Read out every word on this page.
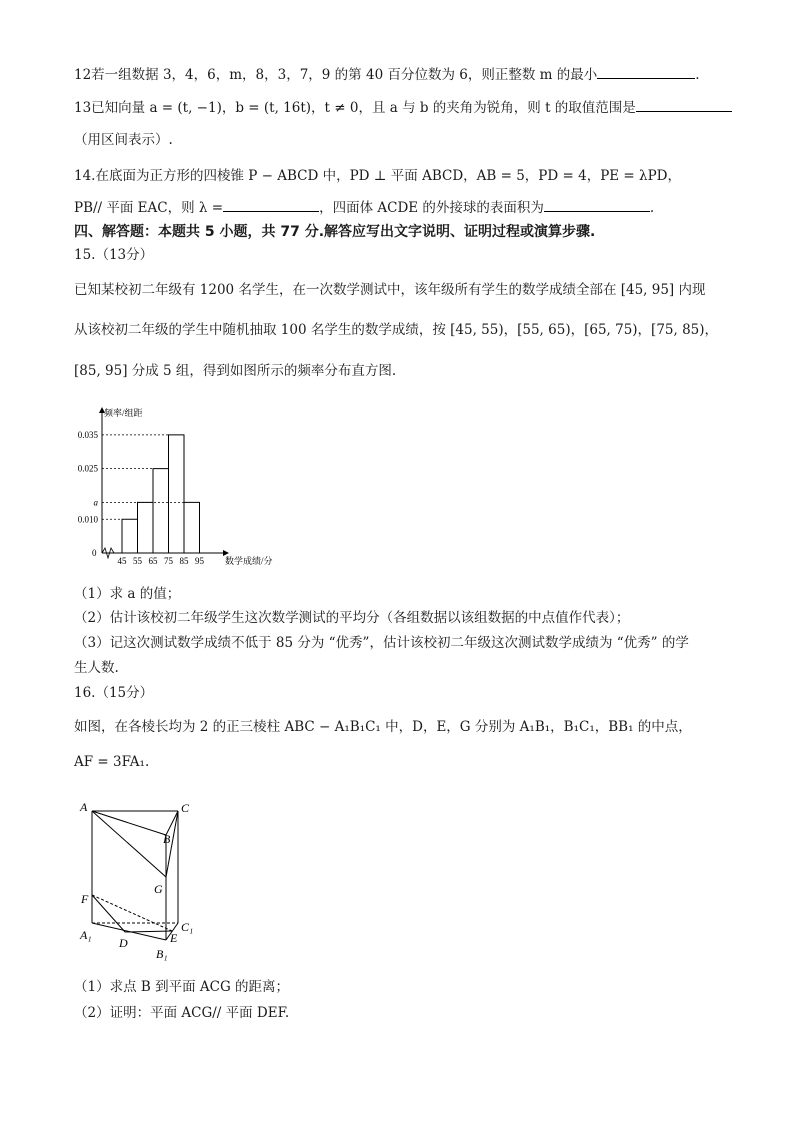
12若一组数据 3，4，6，m，8，3，7，9 的第 40 百分位数为 6，则正整数 m 的最小	.
13已知向量 a = (t, −1)，b = (t, 16t)，t ≠ 0，且 a 与 b 的夹角为锐角，则 t 的取值范围是
（用区间表示）.
14.在底面为正方形的四棱锥 P − ABCD 中，PD ⊥ 平面 ABCD，AB = 5，PD = 4，PE = λPD，
PB// 平面 EAC，则 λ =	，四面体 ACDE 的外接球的表面积为	.
四、解答题：本题共 5 小题，共 77 分.解答应写出文字说明、证明过程或演算步骤.
15.（13分）
已知某校初二年级有 1200 名学生，在一次数学测试中，该年级所有学生的数学成绩全部在 [45, 95] 内现
从该校初二年级的学生中随机抽取 100 名学生的数学成绩，按 [45, 55)，[55, 65)，[65, 75)，[75, 85)，
[85, 95] 分成 5 组，得到如图所示的频率分布直方图.
0.010
a
0.025
0.035
45 55 65 75 85 95
频率/组距
数学成绩/分
0
（1）求 a 的值；
（2）估计该校初二年级学生这次数学测试的平均分（各组数据以该组数据的中点值作代表）；
（3）记这次测试数学成绩不低于 85 分为 “优秀”，估计该校初二年级这次测试数学成绩为 “优秀” 的学
生人数.
16.（15分）
如图，在各棱长均为 2 的正三棱柱 ABC − A₁B₁C₁ 中，D，E，G 分别为 A₁B₁，B₁C₁，BB₁ 的中点，
AF = 3FA₁.
A	C
B
G
F
A₁
D	E
C₁
B₁
（1）求点 B 到平面 ACG 的距离；
（2）证明：平面 ACG// 平面 DEF.
